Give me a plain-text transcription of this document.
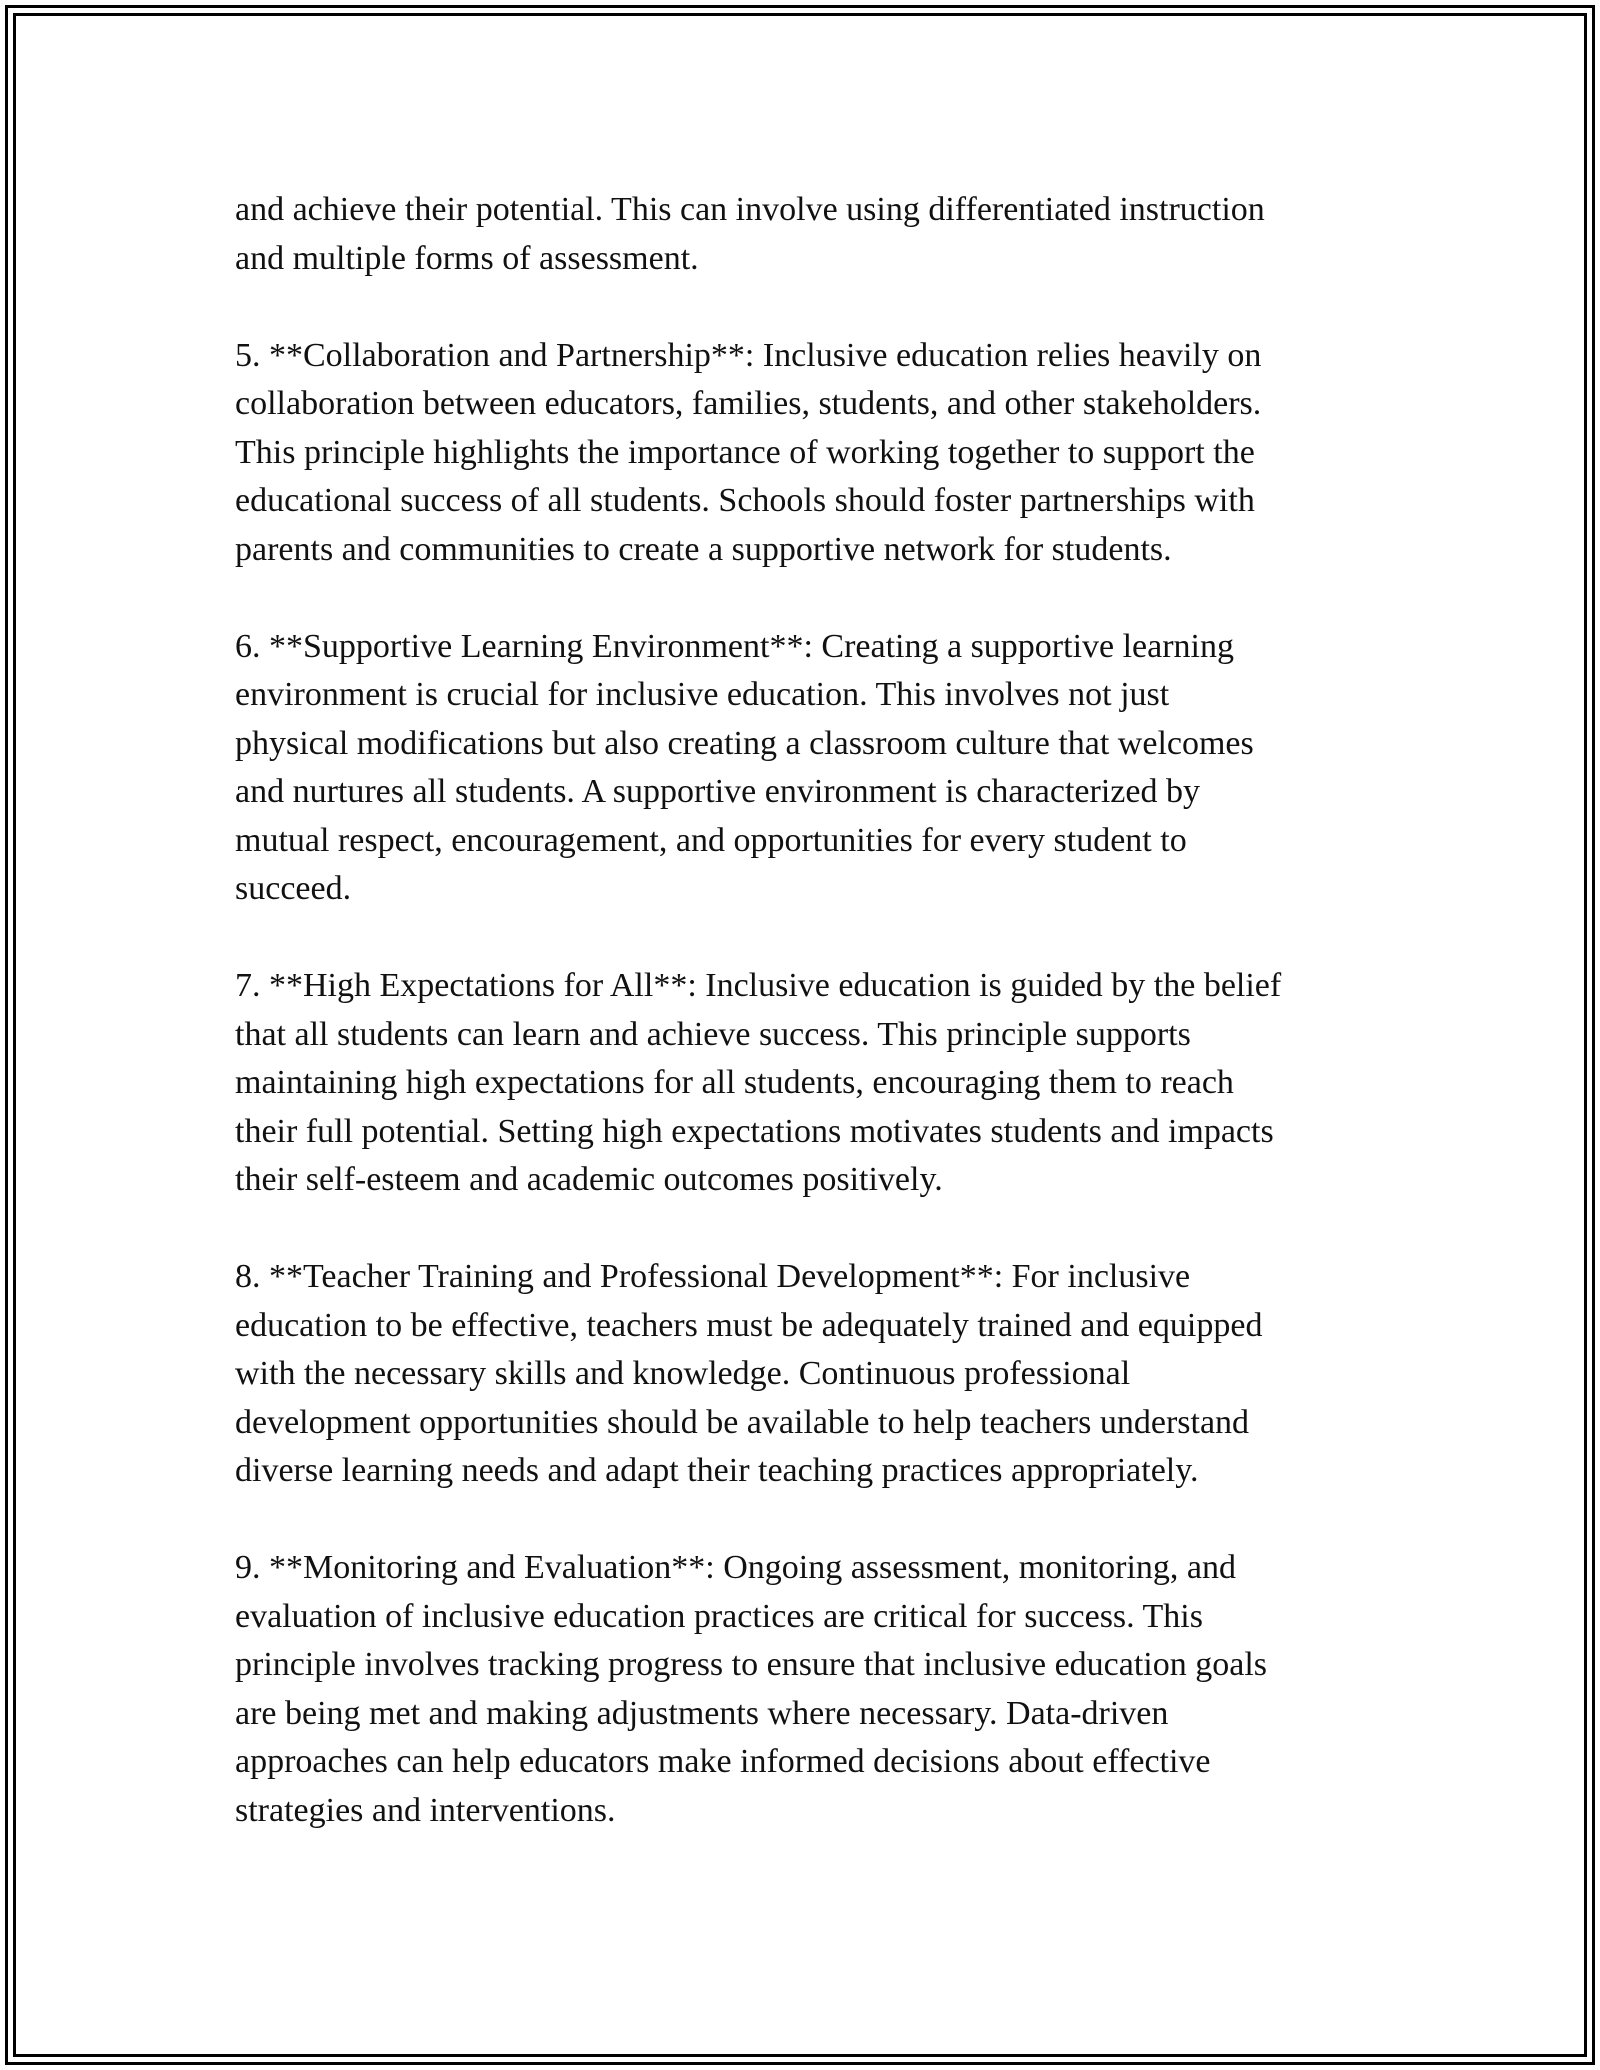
and achieve their potential. This can involve using differentiated instruction
and multiple forms of assessment.

5. **Collaboration and Partnership**: Inclusive education relies heavily on
collaboration between educators, families, students, and other stakeholders.
This principle highlights the importance of working together to support the
educational success of all students. Schools should foster partnerships with
parents and communities to create a supportive network for students.

6. **Supportive Learning Environment**: Creating a supportive learning
environment is crucial for inclusive education. This involves not just
physical modifications but also creating a classroom culture that welcomes
and nurtures all students. A supportive environment is characterized by
mutual respect, encouragement, and opportunities for every student to
succeed.

7. **High Expectations for All**: Inclusive education is guided by the belief
that all students can learn and achieve success. This principle supports
maintaining high expectations for all students, encouraging them to reach
their full potential. Setting high expectations motivates students and impacts
their self-esteem and academic outcomes positively.

8. **Teacher Training and Professional Development**: For inclusive
education to be effective, teachers must be adequately trained and equipped
with the necessary skills and knowledge. Continuous professional
development opportunities should be available to help teachers understand
diverse learning needs and adapt their teaching practices appropriately.

9. **Monitoring and Evaluation**: Ongoing assessment, monitoring, and
evaluation of inclusive education practices are critical for success. This
principle involves tracking progress to ensure that inclusive education goals
are being met and making adjustments where necessary. Data-driven
approaches can help educators make informed decisions about effective
strategies and interventions.
